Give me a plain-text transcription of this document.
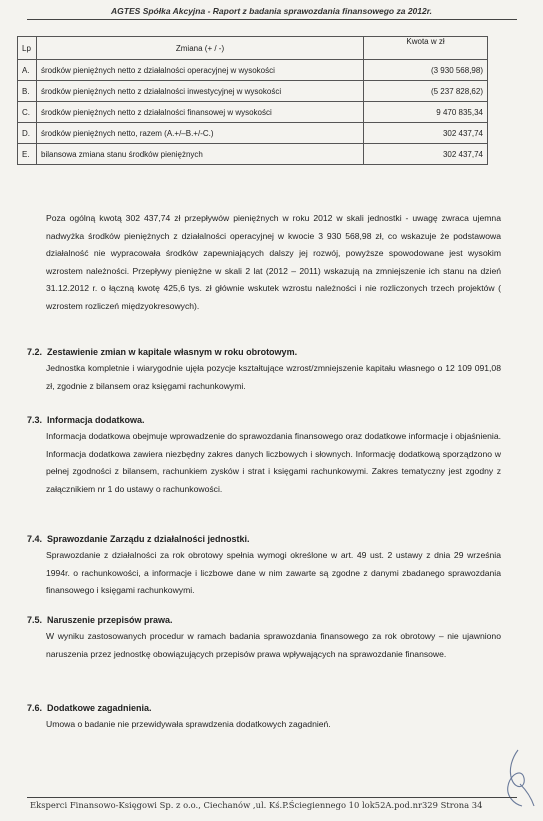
AGTES Spółka Akcyjna - Raport z badania sprawozdania finansowego za 2012r.
Lp	Zmiana (+ / -)	Kwota w zł
A.	środków pieniężnych netto z działalności operacyjnej w wysokości	(3 930 568,98)
B.	środków pieniężnych netto z działalności inwestycyjnej w wysokości	(5 237 828,62)
C.	środków pieniężnych netto z działalności finansowej w wysokości	9 470 835,34
D.	środków pieniężnych netto, razem (A.+/–B.+/-C.)	302 437,74
E.	bilansowa zmiana stanu środków pieniężnych	302 437,74
Poza ogólną kwotą 302 437,74 zł przepływów pieniężnych w roku 2012 w skali jednostki - uwagę zwraca ujemna nadwyżka środków pieniężnych z działalności operacyjnej w kwocie 3 930 568,98 zł, co wskazuje że podstawowa działalność nie wypracowała środków zapewniających dalszy jej rozwój, powyższe spowodowane jest wysokim wzrostem należności. Przepływy pieniężne w skali 2 lat (2012 – 2011) wskazują na zmniejszenie ich stanu na dzień 31.12.2012 r. o łączną kwotę 425,6 tys. zł głównie wskutek wzrostu należności i nie rozliczonych trzech projektów ( wzrostem rozliczeń międzyokresowych).
7.2. Zestawienie zmian w kapitale własnym w roku obrotowym.
Jednostka kompletnie i wiarygodnie ujęła pozycje kształtujące wzrost/zmniejszenie kapitału własnego o 12 109 091,08 zł, zgodnie z bilansem oraz księgami rachunkowymi.
7.3. Informacja dodatkowa.
Informacja dodatkowa obejmuje wprowadzenie do sprawozdania finansowego oraz dodatkowe informacje i objaśnienia. Informacja dodatkowa zawiera niezbędny zakres danych liczbowych i słownych. Informację dodatkową sporządzono w pełnej zgodności z bilansem, rachunkiem zysków i strat i księgami rachunkowymi. Zakres tematyczny jest zgodny z załącznikiem nr 1 do ustawy o rachunkowości.
7.4. Sprawozdanie Zarządu z działalności jednostki.
Sprawozdanie z działalności za rok obrotowy spełnia wymogi określone w art. 49 ust. 2 ustawy z dnia 29 września 1994r. o rachunkowości, a informacje i liczbowe dane w nim zawarte są zgodne z danymi zbadanego sprawozdania finansowego i księgami rachunkowymi.
7.5. Naruszenie przepisów prawa.
W wyniku zastosowanych procedur w ramach badania sprawozdania finansowego za rok obrotowy – nie ujawniono naruszenia przez jednostkę obowiązujących przepisów prawa wpływających na sprawozdanie finansowe.
7.6. Dodatkowe zagadnienia.
Umowa o badanie nie przewidywała sprawdzenia dodatkowych zagadnień.
Eksperci Finansowo-Księgowi Sp. z o.o., Ciechanów ,ul. Kś.P.Ściegiennego 10 lok52A.pod.nr329 Strona 34
